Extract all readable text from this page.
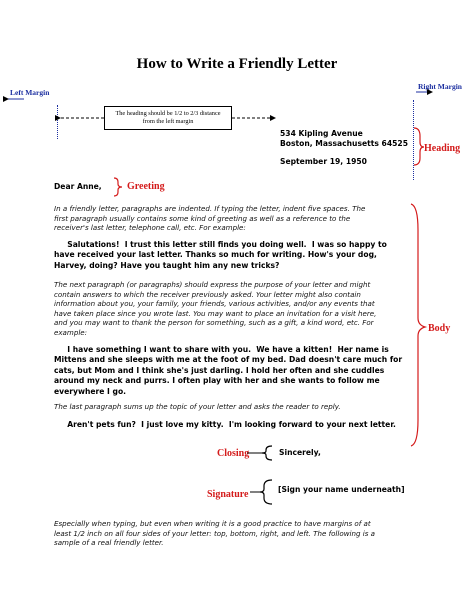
How to Write a Friendly Letter
Left Margin
Right Margin
The heading should be 1/2 to 2/3 distance from the left margin
534 Kipling Avenue
Boston, Massachusetts 64525
September 19, 1950
Heading
Dear Anne,	Greeting
In a friendly letter, paragraphs are indented. If typing the letter, indent five spaces. The
first paragraph usually contains some kind of greeting as well as a reference to the
receiver's last letter, telephone call, etc. For example:
Salutations!  I trust this letter still finds you doing well.  I was so happy to
have received your last letter. Thanks so much for writing. How's your dog,
Harvey, doing? Have you taught him any new tricks?
The next paragraph (or paragraphs) should express the purpose of your letter and might
contain answers to which the receiver previously asked. Your letter might also contain
information about you, your family, your friends, various activities, and/or any events that
have taken place since you wrote last. You may want to place an invitation for a visit here,
and you may want to thank the person for something, such as a gift, a kind word, etc. For
example:
I have something I want to share with you.  We have a kitten!  Her name is
Mittens and she sleeps with me at the foot of my bed. Dad doesn't care much for
cats, but Mom and I think she's just darling. I hold her often and she cuddles
around my neck and purrs. I often play with her and she wants to follow me
everywhere I go.
The last paragraph sums up the topic of your letter and asks the reader to reply.
Aren't pets fun?  I just love my kitty.  I'm looking forward to your next letter.
Body
Closing	Sincerely,
Signature	[Sign your name underneath]
Especially when typing, but even when writing it is a good practice to have margins of at
least 1/2 inch on all four sides of your letter: top, bottom, right, and left. The following is a
sample of a real friendly letter.
